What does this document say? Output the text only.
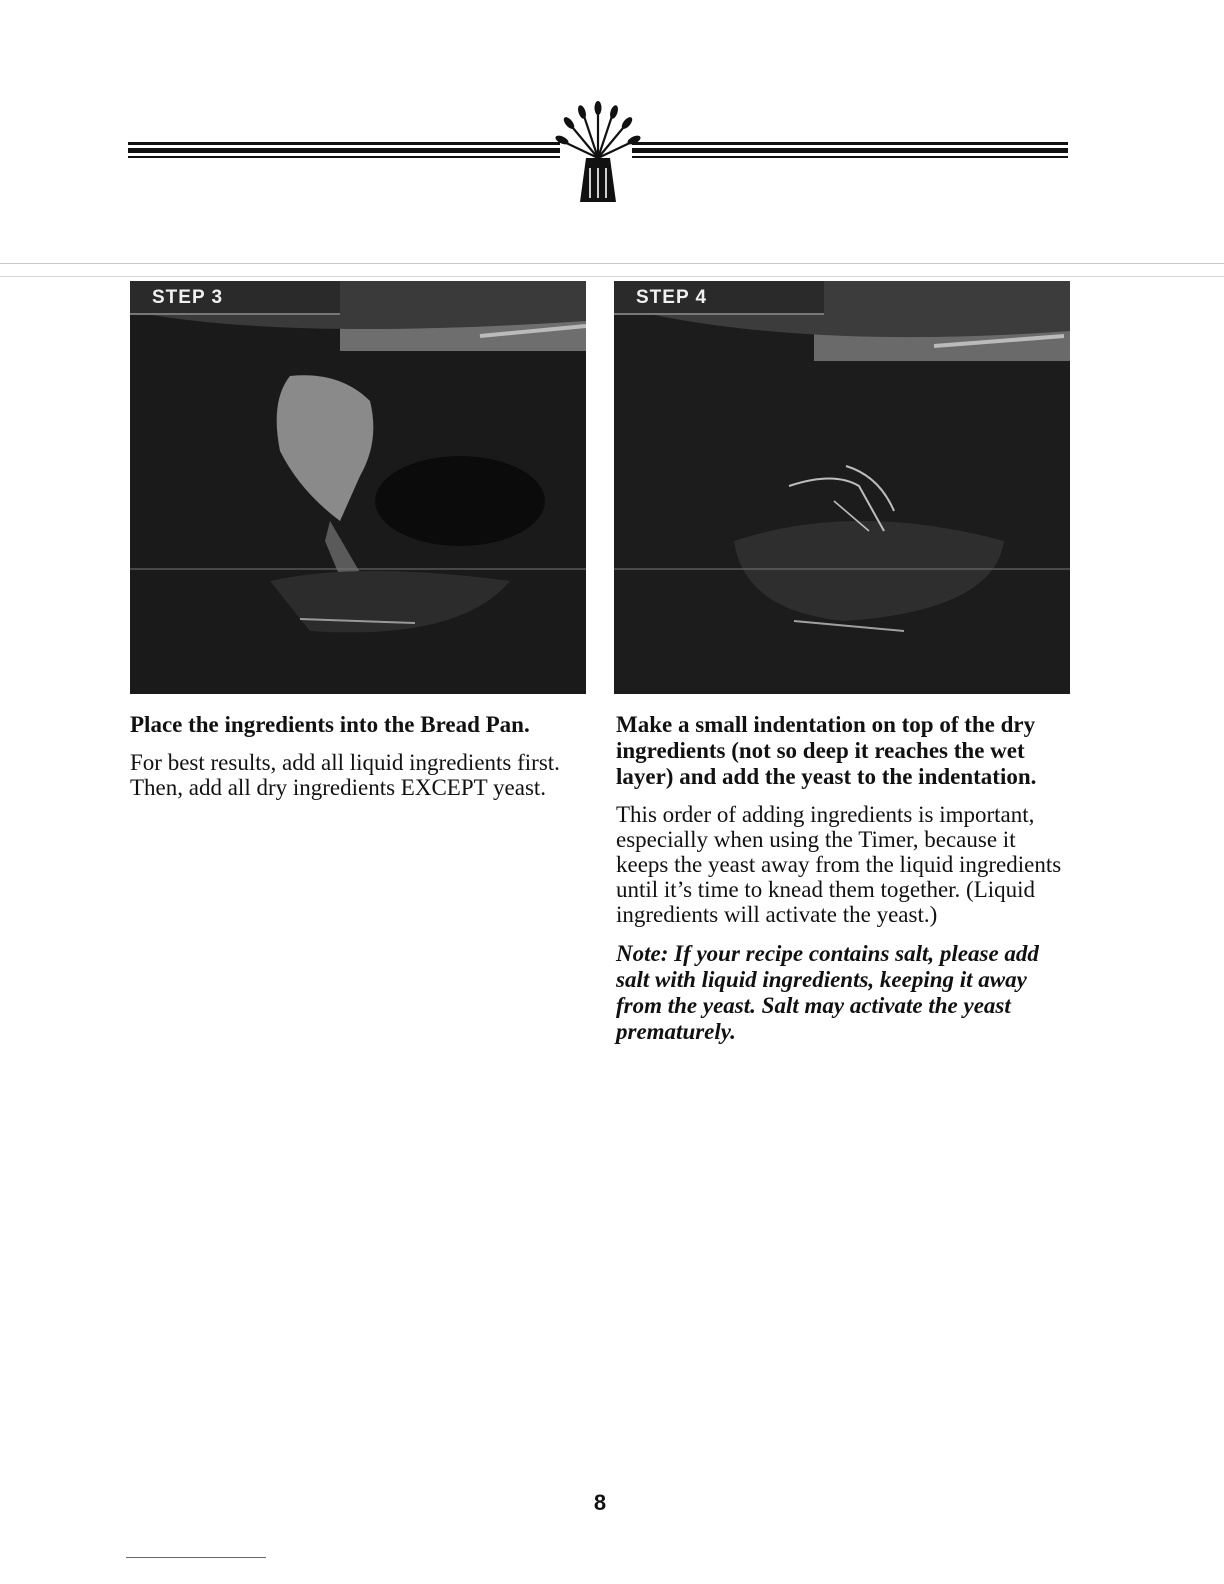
STEP 3	STEP 4

Place the ingredients into the Bread Pan.

For best results, add all liquid ingredients first. Then, add all dry ingredients EXCEPT yeast.

Make a small indentation on top of the dry ingredients (not so deep it reaches the wet layer) and add the yeast to the indentation.

This order of adding ingredients is important, especially when using the Timer, because it keeps the yeast away from the liquid ingredients until it’s time to knead them together. (Liquid ingredients will activate the yeast.)

Note: If your recipe contains salt, please add salt with liquid ingredients, keeping it away from the yeast. Salt may activate the yeast prematurely.

8
